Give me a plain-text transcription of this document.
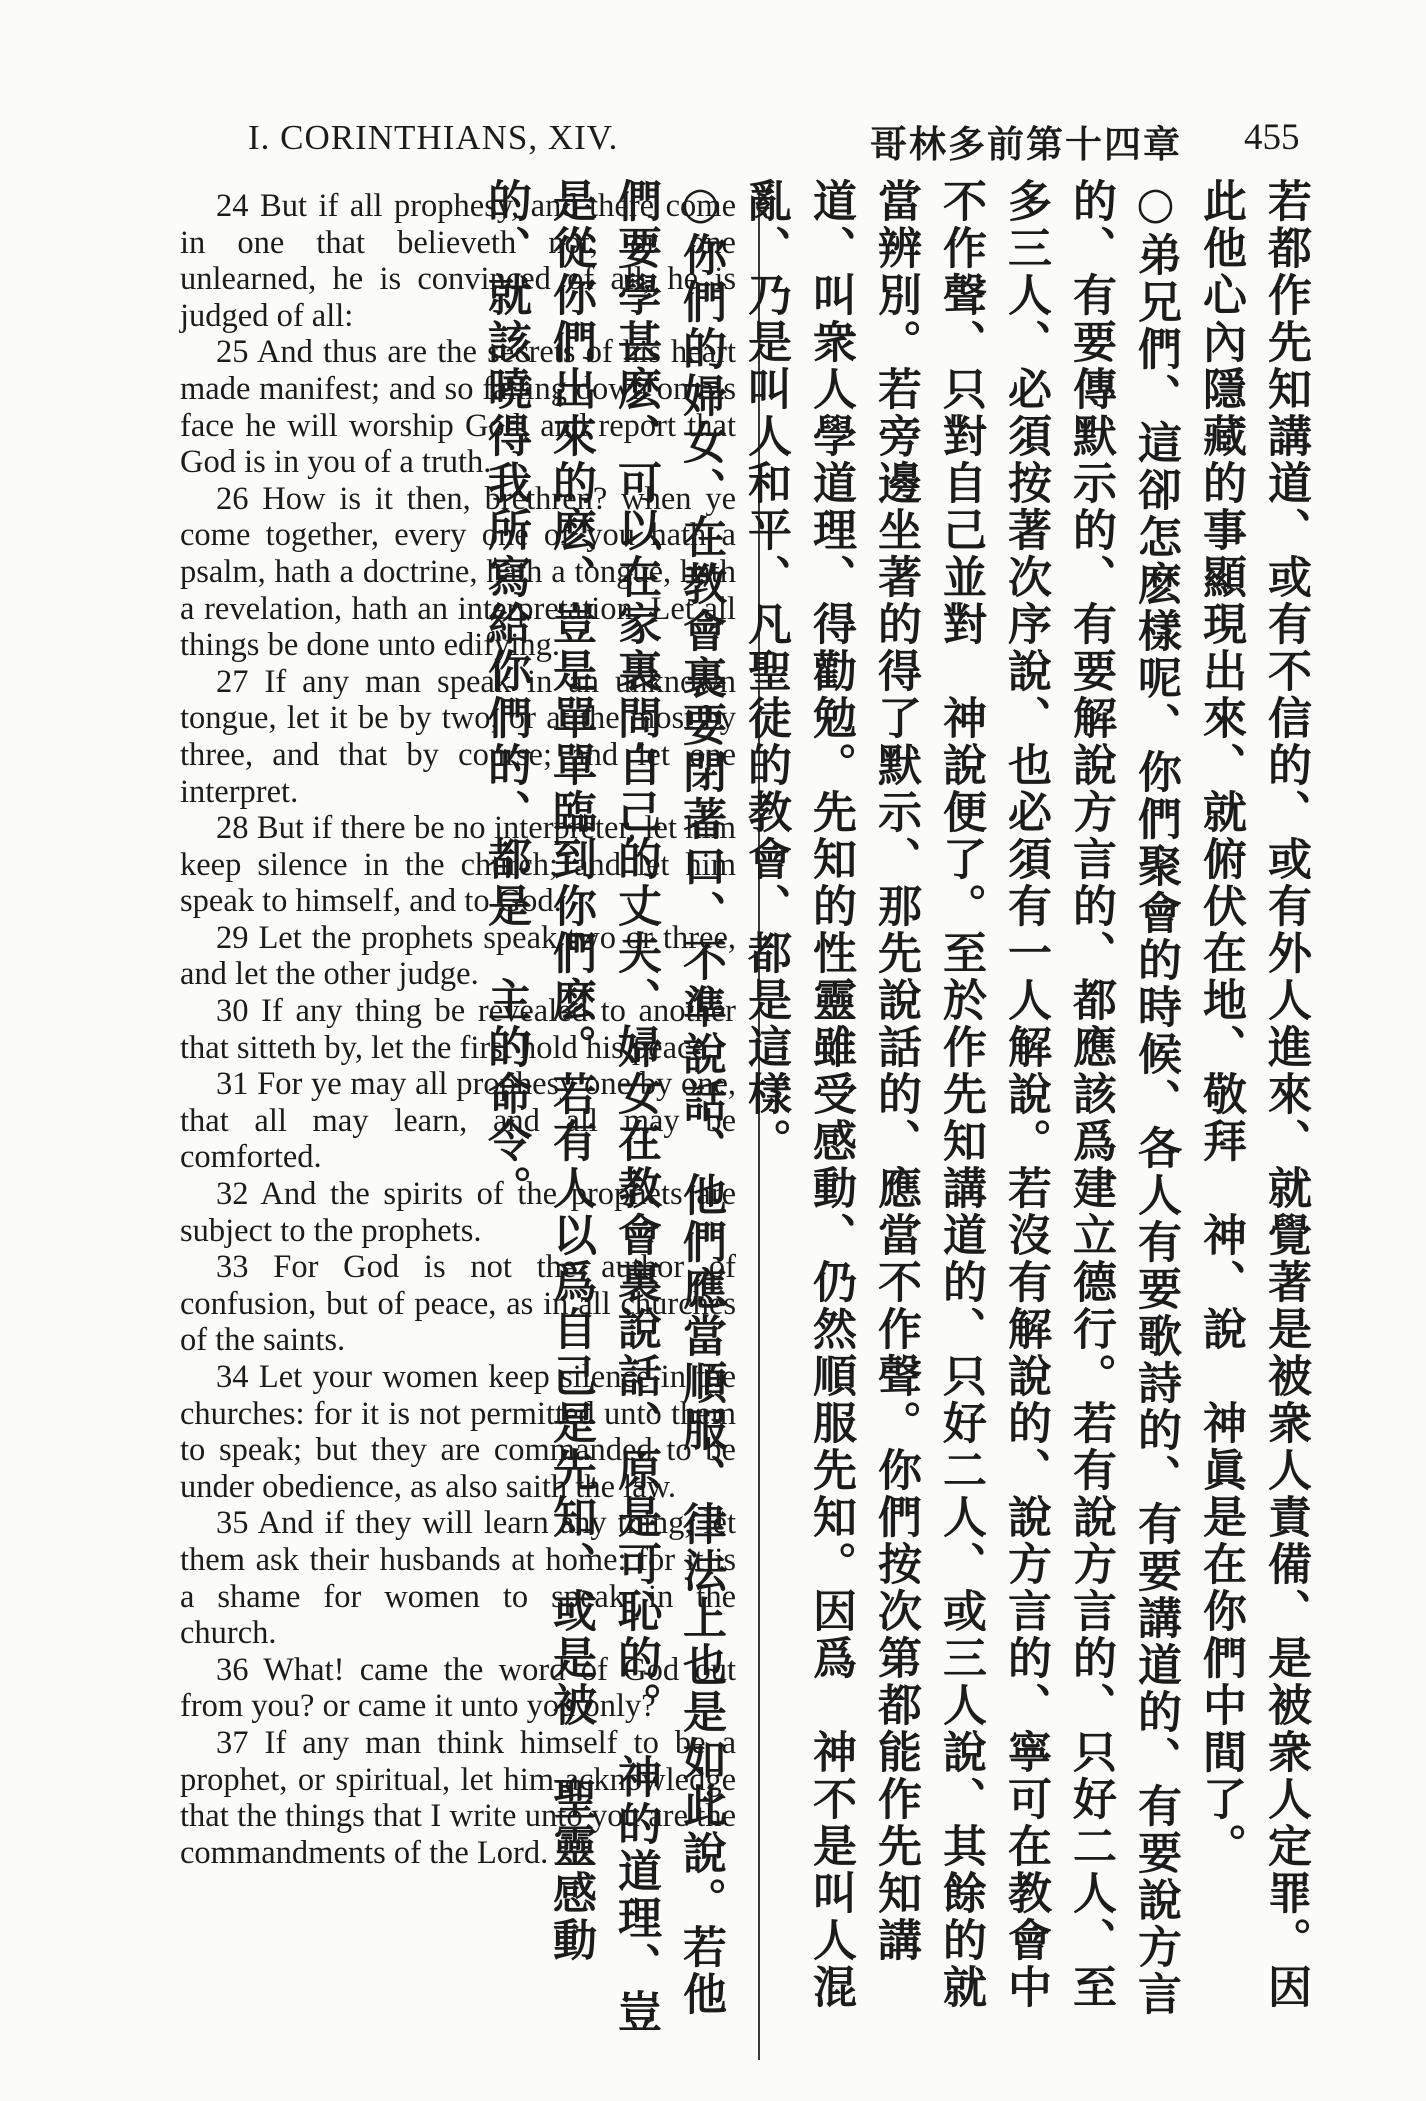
I. CORINTHIANS, XIV.	哥林多前第十四章 455

24 But if all prophesy, and there come in one that believeth not, or one unlearned, he is convinced of all, he is judged of all:

25 And thus are the secrets of his heart made manifest; and so falling down on his face he will worship God, and report that God is in you of a truth.

26 How is it then, brethren? when ye come together, every one of you hath a psalm, hath a doctrine, hath a tongue, hath a revelation, hath an interpretation. Let all things be done unto edifying.

27 If any man speak in an unknown tongue, let it be by two, or at the most by three, and that by course; and let one interpret.

28 But if there be no interpreter, let him keep silence in the church; and let him speak to himself, and to God.

29 Let the prophets speak two or three, and let the other judge.

30 If any thing be revealed to another that sitteth by, let the first hold his peace.

31 For ye may all prophesy one by one, that all may learn, and all may be comforted.

32 And the spirits of the prophets are subject to the prophets.

33 For God is not the author of confusion, but of peace, as in all churches of the saints.

34 Let your women keep silence in the churches: for it is not permitted unto them to speak; but they are commanded to be under obedience, as also saith the law.

35 And if they will learn any thing, let them ask their husbands at home: for it is a shame for women to speak in the church.

36 What! came the word of God out from you? or came it unto you only?

37 If any man think himself to be a prophet, or spiritual, let him acknowledge that the things that I write unto you are the commandments of the Lord.	若都作先知講道、或有不信的、或有外人進來、就覺著是被衆人責備、是被衆人定罪。因此他心內隱藏的事顯現出來、就俯伏在地、敬拜　神、說　神眞是在你們中間了。

○弟兄們、這卻怎麽樣呢、你們聚會的時候、各人有要歌詩的、有要講道的、有要說方言的、有要傳默示的、有要解說方言的、都應該爲建立德行。若有說方言的、只好二人、至多三人、必須按著次序說、也必須有一人解說。若沒有解說的、說方言的、寧可在教會中不作聲、只對自己並對　神說便了。至於作先知講道的、只好二人、或三人說、其餘的就當辨別。若旁邊坐著的得了默示、那先說話的、應當不作聲。你們按次第都能作先知講道、叫衆人學道理、得勸勉。先知的性靈雖受感動、仍然順服先知。因爲　神不是叫人混亂、乃是叫人和平、凡聖徒的教會、都是這樣。

○你們的婦女、在教會裏要閉著口、不準說話、他們應當順服、律法上也是如此說。若他們要學甚麽、可以在家裏問自己的丈夫、婦女在教會裏說話、原是可恥的。　神的道理、豈是從你們出來的麽、豈是單單臨到你們麽。若有人以爲自己是先知、或是被　聖靈感動的、就該曉得我所寫給你們的、都是　主的命令。
